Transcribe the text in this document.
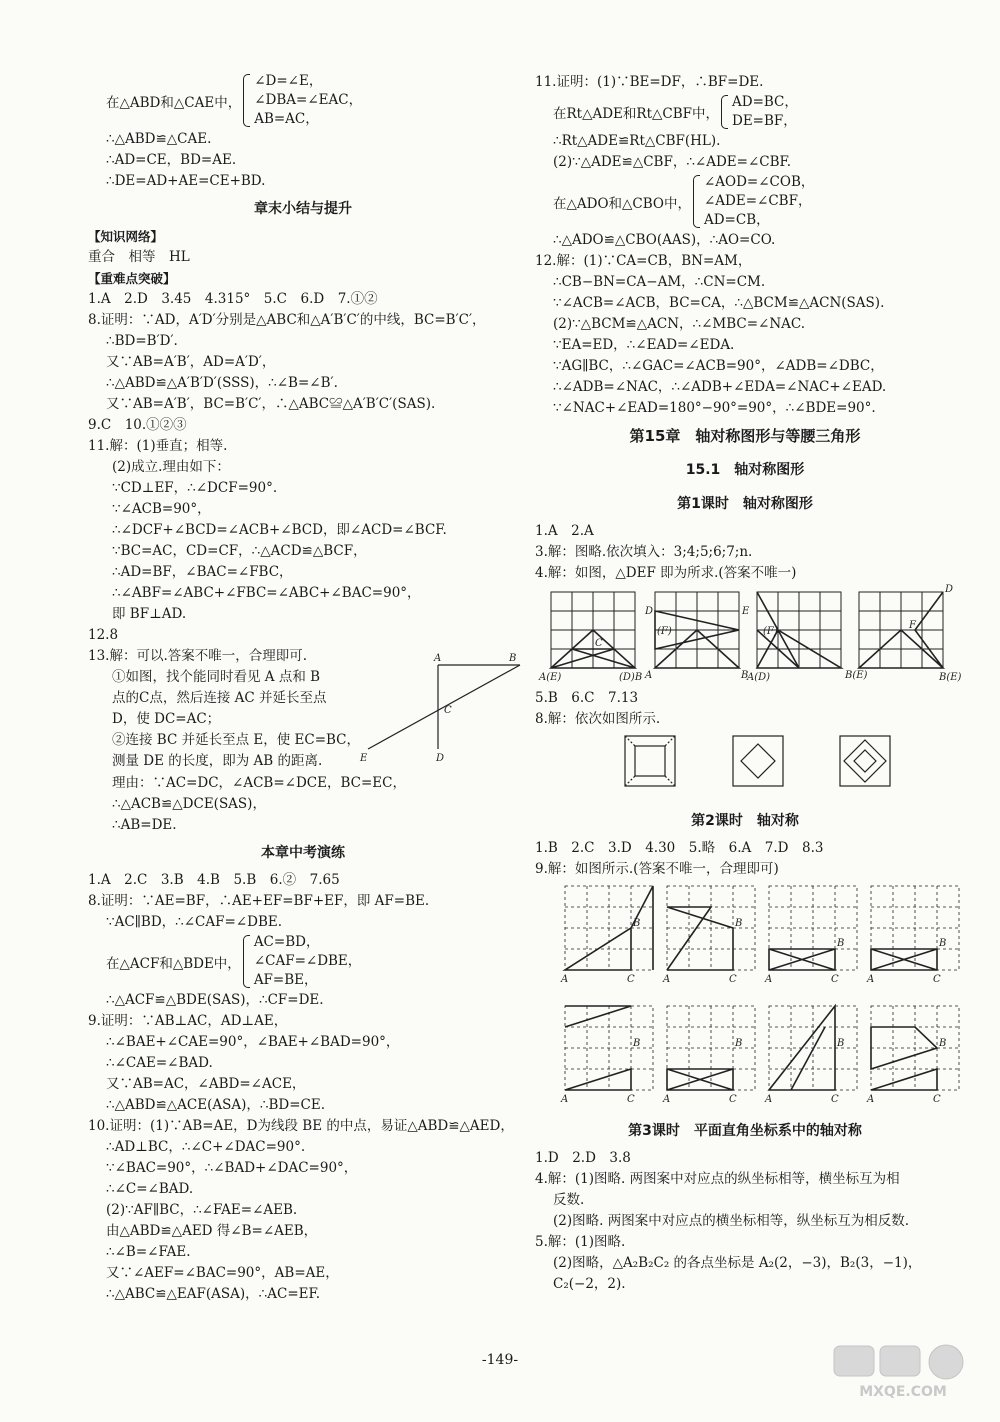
在△ABD和△CAE中，
∠D=∠E，
∠DBA=∠EAC，
AB=AC，
∴△ABD≌△CAE.
∴AD=CE，BD=AE.
∴DE=AD+AE=CE+BD.
章末小结与提升
【知识网络】
重合　相等　HL
【重难点突破】
1.A　2.D　3.45　4.315°　5.C　6.D　7.①②
8.证明：∵AD，A′D′分别是△ABC和△A′B′C′的中线，BC=B′C′，
∴BD=B′D′.
又∵AB=A′B′，AD=A′D′，
∴△ABD≌△A′B′D′(SSS)，∴∠B=∠B′.
又∵AB=A′B′，BC=B′C′，∴△ABC≌△A′B′C′(SAS).
9.C　10.①②③
11.解：(1)垂直；相等.
(2)成立.理由如下：
∵CD⊥EF，∴∠DCF=90°.
∵∠ACB=90°，
∴∠DCF+∠BCD=∠ACB+∠BCD，即∠ACD=∠BCF.
∵BC=AC，CD=CF，∴△ACD≌△BCF，
∴AD=BF，∠BAC=∠FBC，
∴∠ABF=∠ABC+∠FBC=∠ABC+∠BAC=90°，
即 BF⊥AD.
12.8
13.解：可以.答案不唯一，合理即可.
①如图，找个能同时看见 A 点和 B
点的C点，然后连接 AC 并延长至点
D，使 DC=AC；
②连接 BC 并延长至点 E，使 EC=BC，
测量 DE 的长度，即为 AB 的距离.
A	B
C
E	D
理由：∵AC=DC，∠ACB=∠DCE，BC=EC，
∴△ACB≌△DCE(SAS)，
∴AB=DE.
本章中考演练
1.A　2.C　3.B　4.B　5.B　6.②　7.65
8.证明：∵AE=BF，∴AE+EF=BF+EF，即 AF=BE.
∵AC∥BD，∴∠CAF=∠DBE.
在△ACF和△BDE中，
AC=BD，
∠CAF=∠DBE，
AF=BE，
∴△ACF≌△BDE(SAS)，∴CF=DE.
9.证明：∵AB⊥AC，AD⊥AE，
∴∠BAE+∠CAE=90°，∠BAE+∠BAD=90°，
∴∠CAE=∠BAD.
又∵AB=AC，∠ABD=∠ACE，
∴△ABD≌△ACE(ASA)，∴BD=CE.
10.证明：(1)∵AB=AE，D为线段 BE 的中点，易证△ABD≌△AED，
∴AD⊥BC，∴∠C+∠DAC=90°.
∵∠BAC=90°，∴∠BAD+∠DAC=90°，
∴∠C=∠BAD.
(2)∵AF∥BC，∴∠FAE=∠AEB.
由△ABD≌△AED 得∠B=∠AEB，
∴∠B=∠FAE.
又∵∠AEF=∠BAC=90°，AB=AE，
∴△ABC≌△EAF(ASA)，∴AC=EF.
11.证明：(1)∵BE=DF，∴BF=DE.
在Rt△ADE和Rt△CBF中，
AD=BC，
DE=BF，
∴Rt△ADE≌Rt△CBF(HL).
(2)∵△ADE≌△CBF，∴∠ADE=∠CBF.
在△ADO和△CBO中，
∠AOD=∠COB，
∠ADE=∠CBF，
AD=CB，
∴△ADO≌△CBO(AAS)，∴AO=CO.
12.解：(1)∵CA=CB，BN=AM，
∴CB−BN=CA−AM，∴CN=CM.
∵∠ACB=∠ACB，BC=CA，∴△BCM≌△ACN(SAS).
(2)∵△BCM≌△ACN，∴∠MBC=∠NAC.
∵EA=ED，∴∠EAD=∠EDA.
∵AG∥BC，∴∠GAC=∠ACB=90°，∠ADB=∠DBC，
∴∠ADB=∠NAC，∴∠ADB+∠EDA=∠NAC+∠EAD.
∵∠NAC+∠EAD=180°−90°=90°，∴∠BDE=90°.
第15章　轴对称图形与等腰三角形
15.1　轴对称图形
第1课时　轴对称图形
1.A　2.A
3.解：图略.依次填入：3;4;5;6;7;n.
4.解：如图，△DEF 即为所求.(答案不唯一)
A(E)	(D)B A	B
A(D)	B(E)	B(E)
C
D	E
(F)	(F)
F
D
5.B　6.C　7.13
8.解：依次如图所示.
第2课时　轴对称
1.B　2.C　3.D　4.30　5.略　6.A　7.D　8.3
9.解：如图所示.(答案不唯一，合理即可)
A	C
B
A	C
B
A	C
B
A	C
B
A	C
B
A	C
B
A	C
B
A	C
B
第3课时　平面直角坐标系中的轴对称
1.D　2.D　3.8
4.解：(1)图略. 两图案中对应点的纵坐标相等，横坐标互为相
反数.
(2)图略. 两图案中对应点的横坐标相等，纵坐标互为相反数.
5.解：(1)图略.
(2)图略，△A₂B₂C₂ 的各点坐标是 A₂(2，−3)，B₂(3，−1)，
C₂(−2，2).
-149-
MXQE.COM
